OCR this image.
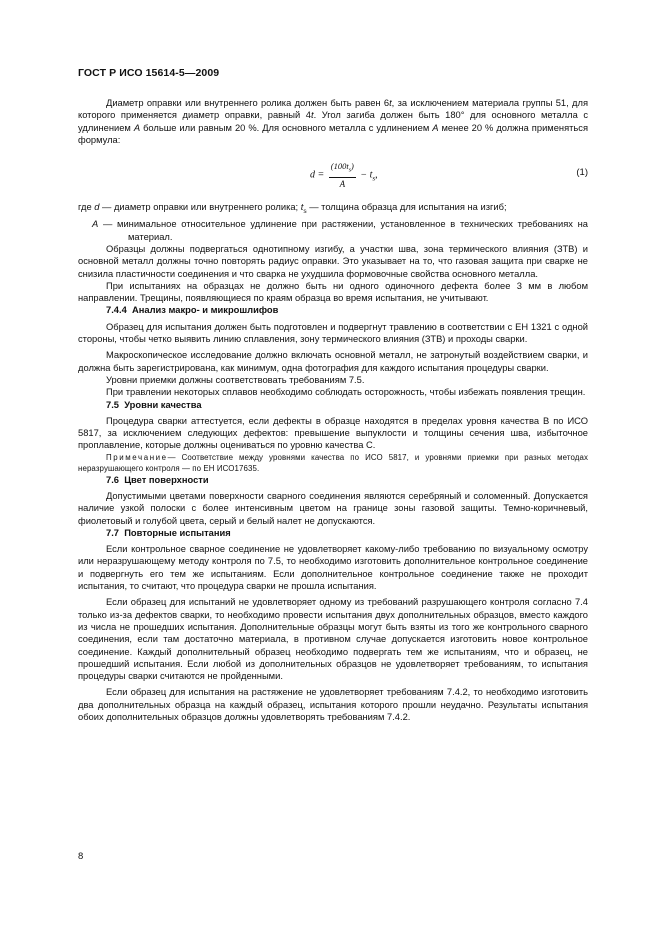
ГОСТ Р ИСО 15614-5—2009

Диаметр оправки или внутреннего ролика должен быть равен 6t, за исключением материала группы 51, для которого применяется диаметр оправки, равный 4t. Угол загиба должен быть 180° для основного металла с удлинением A больше или равным 20 %. Для основного металла с удлинением A менее 20 % должна применяться формула:

$d = \frac{(100t_s)}{A} - t_s$,	(1)

где d — диаметр оправки или внутреннего ролика; $t_s$ — толщина образца для испытания на изгиб;

A — минимальное относительное удлинение при растяжении, установленное в технических требованиях на материал.

Образцы должны подвергаться однотипному изгибу, а участки шва, зона термического влияния (ЗТВ) и основной металл должны точно повторять радиус оправки. Это указывает на то, что газовая защита при сварке не снизила пластичности соединения и что сварка не ухудшила формовочные свойства основного металла.

При испытаниях на образцах не должно быть ни одного одиночного дефекта более 3 мм в любом направлении. Трещины, появляющиеся по краям образца во время испытания, не учитывают.

7.4.4 Анализ макро- и микрошлифов

Образец для испытания должен быть подготовлен и подвергнут травлению в соответствии с ЕН 1321 с одной стороны, чтобы четко выявить линию сплавления, зону термического влияния (ЗТВ) и проходы сварки.

Макроскопическое исследование должно включать основной металл, не затронутый воздействием сварки, и должна быть зарегистрирована, как минимум, одна фотография для каждого испытания процедуры сварки.

Уровни приемки должны соответствовать требованиям 7.5.

При травлении некоторых сплавов необходимо соблюдать осторожность, чтобы избежать появления трещин.

7.5 Уровни качества

Процедура сварки аттестуется, если дефекты в образце находятся в пределах уровня качества В по ИСО 5817, за исключением следующих дефектов: превышение выпуклости и толщины сечения шва, избыточное проплавление, которые должны оцениваться по уровню качества С.

Примечание— Соответствие между уровнями качества по ИСО 5817, и уровнями приемки при разных методах неразрушающего контроля — по ЕН ИСО17635.

7.6 Цвет поверхности

Допустимыми цветами поверхности сварного соединения являются серебряный и соломенный. Допускается наличие узкой полоски с более интенсивным цветом на границе зоны газовой защиты. Темно-коричневый, фиолетовый и голубой цвета, серый и белый налет не допускаются.

7.7 Повторные испытания

Если контрольное сварное соединение не удовлетворяет какому-либо требованию по визуальному осмотру или неразрушающему методу контроля по 7.5, то необходимо изготовить дополнительное контрольное соединение и подвергнуть его тем же испытаниям. Если дополнительное контрольное соединение также не проходит испытания, то считают, что процедура сварки не прошла испытания.

Если образец для испытаний не удовлетворяет одному из требований разрушающего контроля согласно 7.4 только из-за дефектов сварки, то необходимо провести испытания двух дополнительных образцов, вместо каждого из числа не прошедших испытания. Дополнительные образцы могут быть взяты из того же контрольного сварного соединения, если там достаточно материала, в противном случае допускается изготовить новое контрольное соединение. Каждый дополнительный образец необходимо подвергать тем же испытаниям, что и образец, не прошедший испытания. Если любой из дополнительных образцов не удовлетворяет требованиям, то испытания процедуры сварки считаются не пройденными.

Если образец для испытания на растяжение не удовлетворяет требованиям 7.4.2, то необходимо изготовить два дополнительных образца на каждый образец, испытания которого прошли неудачно. Результаты испытания обоих дополнительных образцов должны удовлетворять требованиям 7.4.2.

8
